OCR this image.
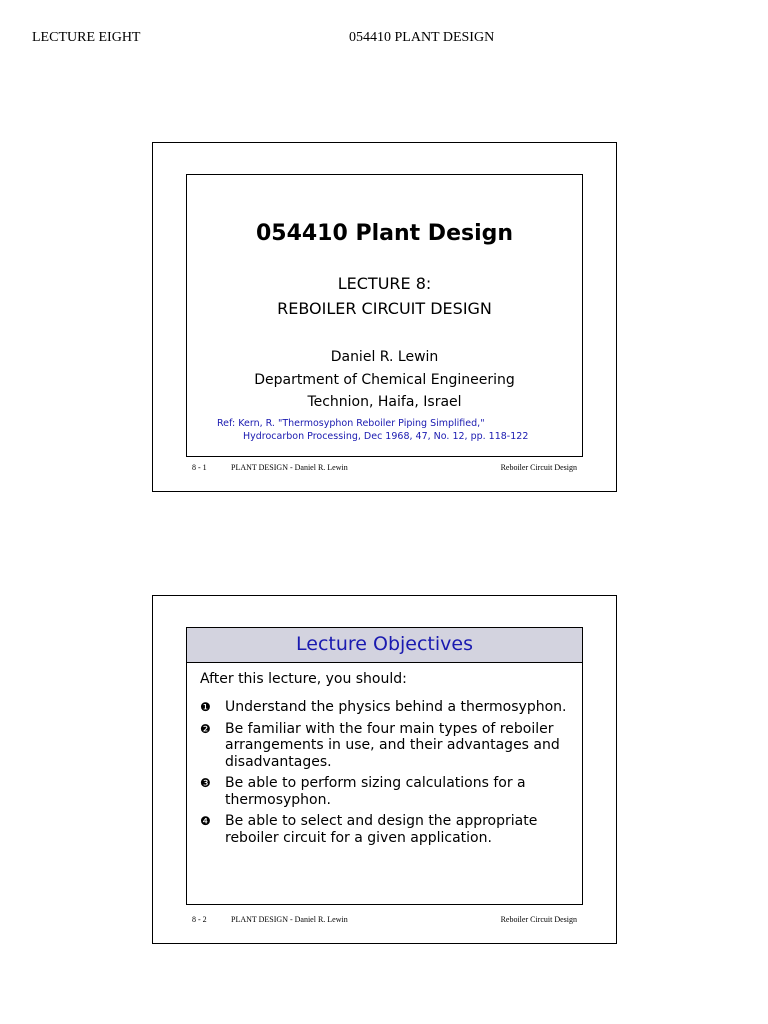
LECTURE EIGHT	054410 PLANT DESIGN
054410 Plant Design
LECTURE 8:
REBOILER CIRCUIT DESIGN
Daniel R. Lewin
Department of Chemical Engineering
Technion, Haifa, Israel
Ref: Kern, R. "Thermosyphon Reboiler Piping Simplified,"
Hydrocarbon Processing, Dec 1968, 47, No. 12, pp. 118-122
8 - 1	PLANT DESIGN - Daniel R. Lewin	Reboiler Circuit Design
Lecture Objectives
After this lecture, you should:
❶	Understand the physics behind a thermosyphon.
❷	Be familiar with the four main types of reboiler arrangements in use, and their advantages and disadvantages.
❸	Be able to perform sizing calculations for a thermosyphon.
❹	Be able to select and design the appropriate reboiler circuit for a given application.
8 - 2	PLANT DESIGN - Daniel R. Lewin	Reboiler Circuit Design
